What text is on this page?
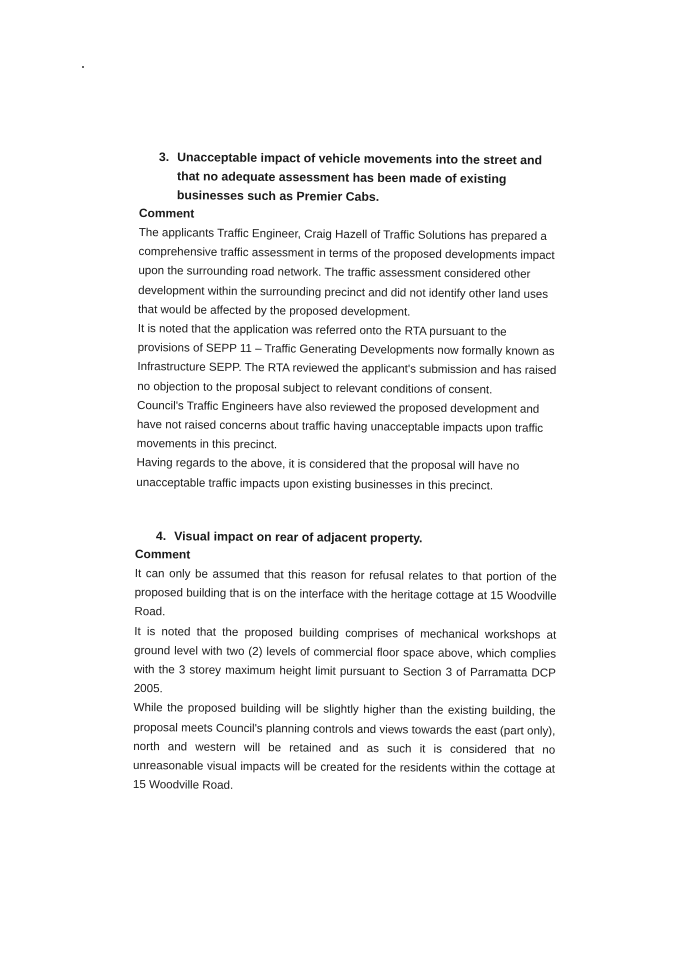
3. Unacceptable impact of vehicle movements into the street and that no adequate assessment has been made of existing businesses such as Premier Cabs.
Comment

The applicants Traffic Engineer, Craig Hazell of Traffic Solutions has prepared a comprehensive traffic assessment in terms of the proposed developments impact upon the surrounding road network. The traffic assessment considered other development within the surrounding precinct and did not identify other land uses that would be affected by the proposed development.

It is noted that the application was referred onto the RTA pursuant to the provisions of SEPP 11 – Traffic Generating Developments now formally known as Infrastructure SEPP. The RTA reviewed the applicant's submission and has raised no objection to the proposal subject to relevant conditions of consent.

Council's Traffic Engineers have also reviewed the proposed development and have not raised concerns about traffic having unacceptable impacts upon traffic movements in this precinct.

Having regards to the above, it is considered that the proposal will have no unacceptable traffic impacts upon existing businesses in this precinct.

4. Visual impact on rear of adjacent property.
Comment

It can only be assumed that this reason for refusal relates to that portion of the proposed building that is on the interface with the heritage cottage at 15 Woodville Road.

It is noted that the proposed building comprises of mechanical workshops at ground level with two (2) levels of commercial floor space above, which complies with the 3 storey maximum height limit pursuant to Section 3 of Parramatta DCP 2005.

While the proposed building will be slightly higher than the existing building, the proposal meets Council's planning controls and views towards the east (part only), north and western will be retained and as such it is considered that no unreasonable visual impacts will be created for the residents within the cottage at 15 Woodville Road.
